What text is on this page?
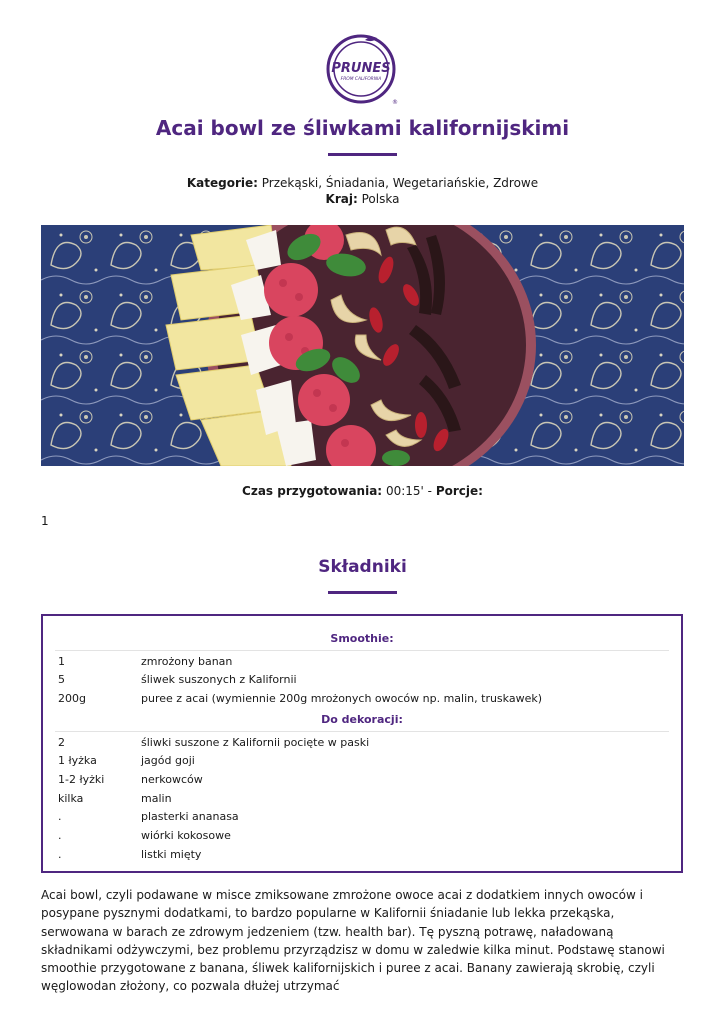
PRUNES
FROM CALIFORNIA
®
Acai bowl ze śliwkami kalifornijskimi
Kategorie: Przekąski, Śniadania, Wegetariańskie, Zdrowe
Kraj: Polska
Czas przygotowania: 00:15' - Porcje:
1
Składniki
Smoothie:
1	zmrożony banan
5	śliwek suszonych z Kalifornii
200g	puree z acai (wymiennie 200g mrożonych owoców np. malin, truskawek)
Do dekoracji:
2	śliwki suszone z Kalifornii pocięte w paski
1 łyżka	jagód goji
1-2 łyżki	nerkowców
kilka	malin
.	plasterki ananasa
.	wiórki kokosowe
.	listki mięty

Acai bowl, czyli podawane w misce zmiksowane zmrożone owoce acai z dodatkiem innych owoców i posypane pysznymi dodatkami, to bardzo popularne w Kalifornii śniadanie lub lekka przekąska, serwowana w barach ze zdrowym jedzeniem (tzw. health bar). Tę pyszną potrawę, naładowaną składnikami odżywczymi, bez problemu przyrządzisz w domu w zaledwie kilka minut. Podstawę stanowi smoothie przygotowane z banana, śliwek kalifornijskich i puree z acai. Banany zawierają skrobię, czyli węglowodan złożony, co pozwala dłużej utrzymać
